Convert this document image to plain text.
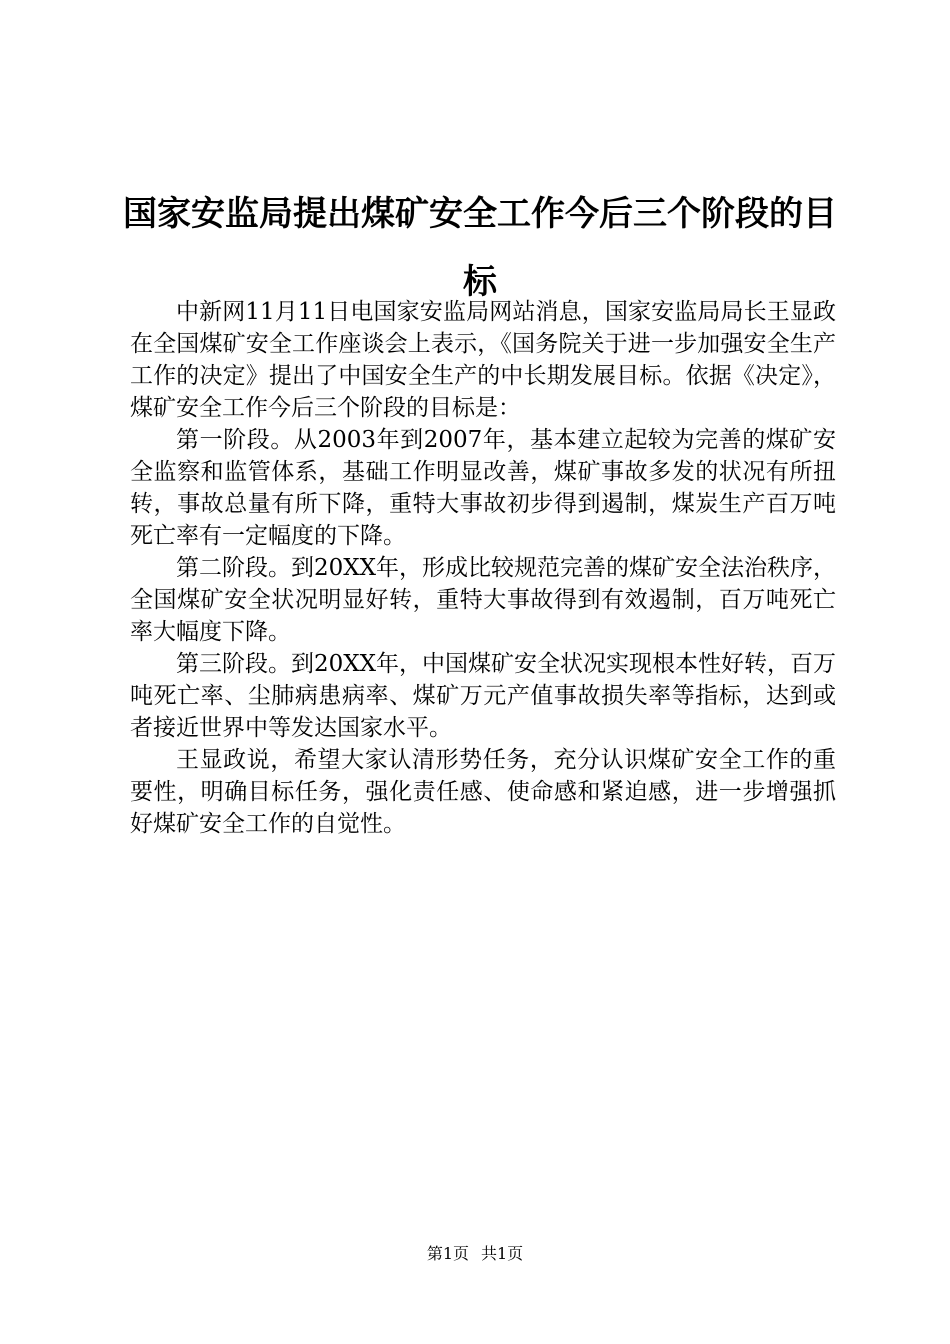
国家安监局提出煤矿安全工作今后三个阶段的目标

中新网11月11日电国家安监局网站消息，国家安监局局长王显政在全国煤矿安全工作座谈会上表示，《国务院关于进一步加强安全生产工作的决定》提出了中国安全生产的中长期发展目标。依据《决定》，煤矿安全工作今后三个阶段的目标是：

第一阶段。从2003年到2007年，基本建立起较为完善的煤矿安全监察和监管体系，基础工作明显改善，煤矿事故多发的状况有所扭转，事故总量有所下降，重特大事故初步得到遏制，煤炭生产百万吨死亡率有一定幅度的下降。

第二阶段。到20XX年，形成比较规范完善的煤矿安全法治秩序，全国煤矿安全状况明显好转，重特大事故得到有效遏制，百万吨死亡率大幅度下降。

第三阶段。到20XX年，中国煤矿安全状况实现根本性好转，百万吨死亡率、尘肺病患病率、煤矿万元产值事故损失率等指标，达到或者接近世界中等发达国家水平。

王显政说，希望大家认清形势任务，充分认识煤矿安全工作的重要性，明确目标任务，强化责任感、使命感和紧迫感，进一步增强抓好煤矿安全工作的自觉性。

第1页 共1页
